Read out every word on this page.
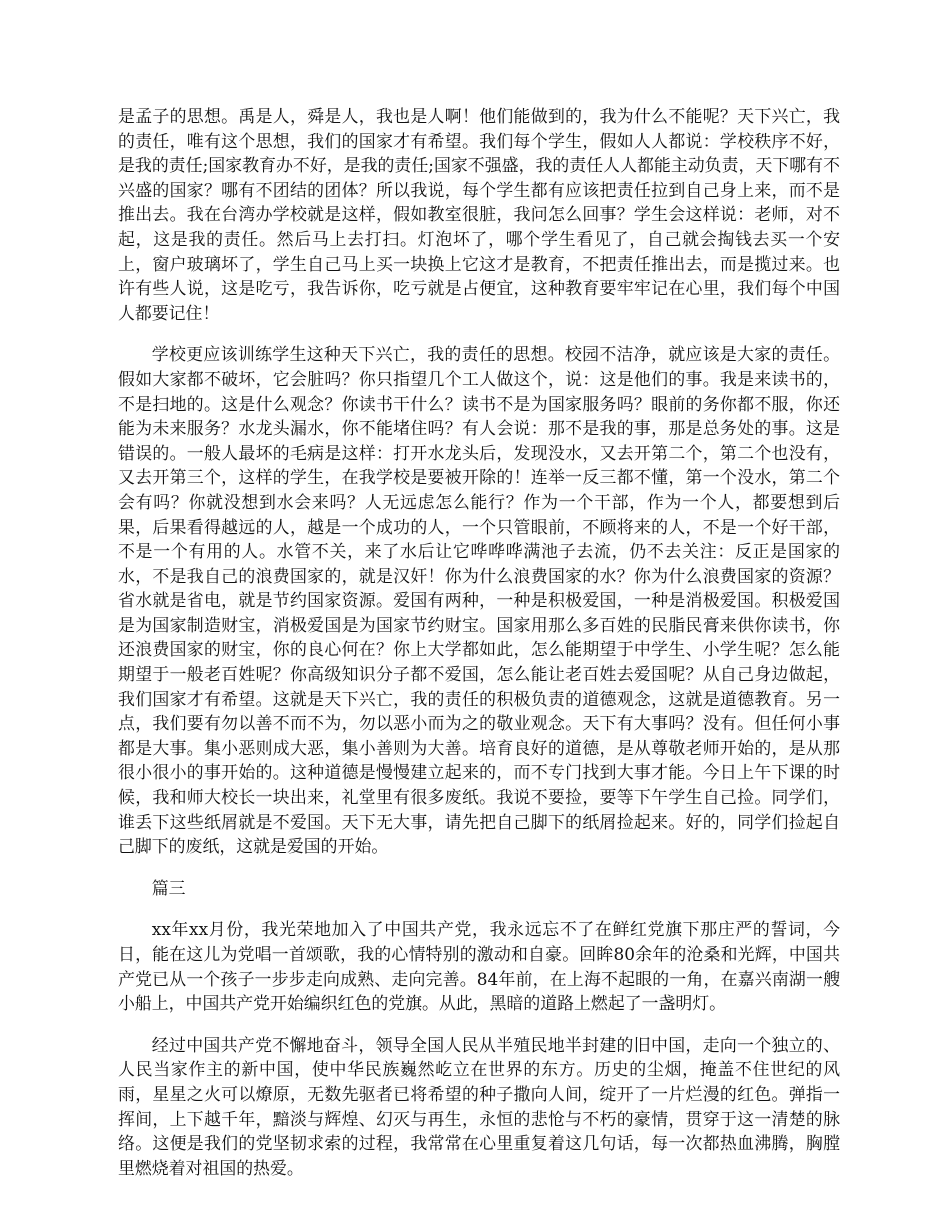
是孟子的思想。禹是人，舜是人，我也是人啊！他们能做到的，我为什么不能呢？天下兴亡，我的责任，唯有这个思想，我们的国家才有希望。我们每个学生，假如人人都说：学校秩序不好，是我的责任;国家教育办不好，是我的责任;国家不强盛，我的责任人人都能主动负责，天下哪有不兴盛的国家？哪有不团结的团体？所以我说，每个学生都有应该把责任拉到自己身上来，而不是推出去。我在台湾办学校就是这样，假如教室很脏，我问怎么回事？学生会这样说：老师，对不起，这是我的责任。然后马上去打扫。灯泡坏了，哪个学生看见了，自己就会掏钱去买一个安上，窗户玻璃坏了，学生自己马上买一块换上它这才是教育，不把责任推出去，而是揽过来。也许有些人说，这是吃亏，我告诉你，吃亏就是占便宜，这种教育要牢牢记在心里，我们每个中国人都要记住！

学校更应该训练学生这种天下兴亡，我的责任的思想。校园不洁净，就应该是大家的责任。假如大家都不破坏，它会脏吗？你只指望几个工人做这个，说：这是他们的事。我是来读书的，不是扫地的。这是什么观念？你读书干什么？读书不是为国家服务吗？眼前的务你都不服，你还能为未来服务？水龙头漏水，你不能堵住吗？有人会说：那不是我的事，那是总务处的事。这是错误的。一般人最坏的毛病是这样：打开水龙头后，发现没水，又去开第二个，第二个也没有，又去开第三个，这样的学生，在我学校是要被开除的！连举一反三都不懂，第一个没水，第二个会有吗？你就没想到水会来吗？人无远虑怎么能行？作为一个干部，作为一个人，都要想到后果，后果看得越远的人，越是一个成功的人，一个只管眼前，不顾将来的人，不是一个好干部，不是一个有用的人。水管不关，来了水后让它哗哗哗满池子去流，仍不去关注：反正是国家的水，不是我自己的浪费国家的，就是汉奸！你为什么浪费国家的水？你为什么浪费国家的资源？省水就是省电，就是节约国家资源。爱国有两种，一种是积极爱国，一种是消极爱国。积极爱国是为国家制造财宝，消极爱国是为国家节约财宝。国家用那么多百姓的民脂民膏来供你读书，你还浪费国家的财宝，你的良心何在？你上大学都如此，怎么能期望于中学生、小学生呢？怎么能期望于一般老百姓呢？你高级知识分子都不爱国，怎么能让老百姓去爱国呢？从自己身边做起，我们国家才有希望。这就是天下兴亡，我的责任的积极负责的道德观念，这就是道德教育。另一点，我们要有勿以善不而不为，勿以恶小而为之的敬业观念。天下有大事吗？没有。但任何小事都是大事。集小恶则成大恶，集小善则为大善。培育良好的道德，是从尊敬老师开始的，是从那很小很小的事开始的。这种道德是慢慢建立起来的，而不专门找到大事才能。今日上午下课的时候，我和师大校长一块出来，礼堂里有很多废纸。我说不要捡，要等下午学生自己捡。同学们，谁丢下这些纸屑就是不爱国。天下无大事，请先把自己脚下的纸屑捡起来。好的，同学们捡起自己脚下的废纸，这就是爱国的开始。

篇三

xx年xx月份，我光荣地加入了中国共产党，我永远忘不了在鲜红党旗下那庄严的誓词，今日，能在这儿为党唱一首颂歌，我的心情特别的激动和自豪。回眸80余年的沧桑和光辉，中国共产党已从一个孩子一步步走向成熟、走向完善。84年前，在上海不起眼的一角，在嘉兴南湖一艘小船上，中国共产党开始编织红色的党旗。从此，黑暗的道路上燃起了一盏明灯。

经过中国共产党不懈地奋斗，领导全国人民从半殖民地半封建的旧中国，走向一个独立的、人民当家作主的新中国，使中华民族巍然屹立在世界的东方。历史的尘烟，掩盖不住世纪的风雨，星星之火可以燎原，无数先驱者已将希望的种子撒向人间，绽开了一片烂漫的红色。弹指一挥间，上下越千年，黯淡与辉煌、幻灭与再生，永恒的悲怆与不朽的豪情，贯穿于这一清楚的脉络。这便是我们的党坚韧求索的过程，我常常在心里重复着这几句话，每一次都热血沸腾，胸膛里燃烧着对祖国的热爱。
